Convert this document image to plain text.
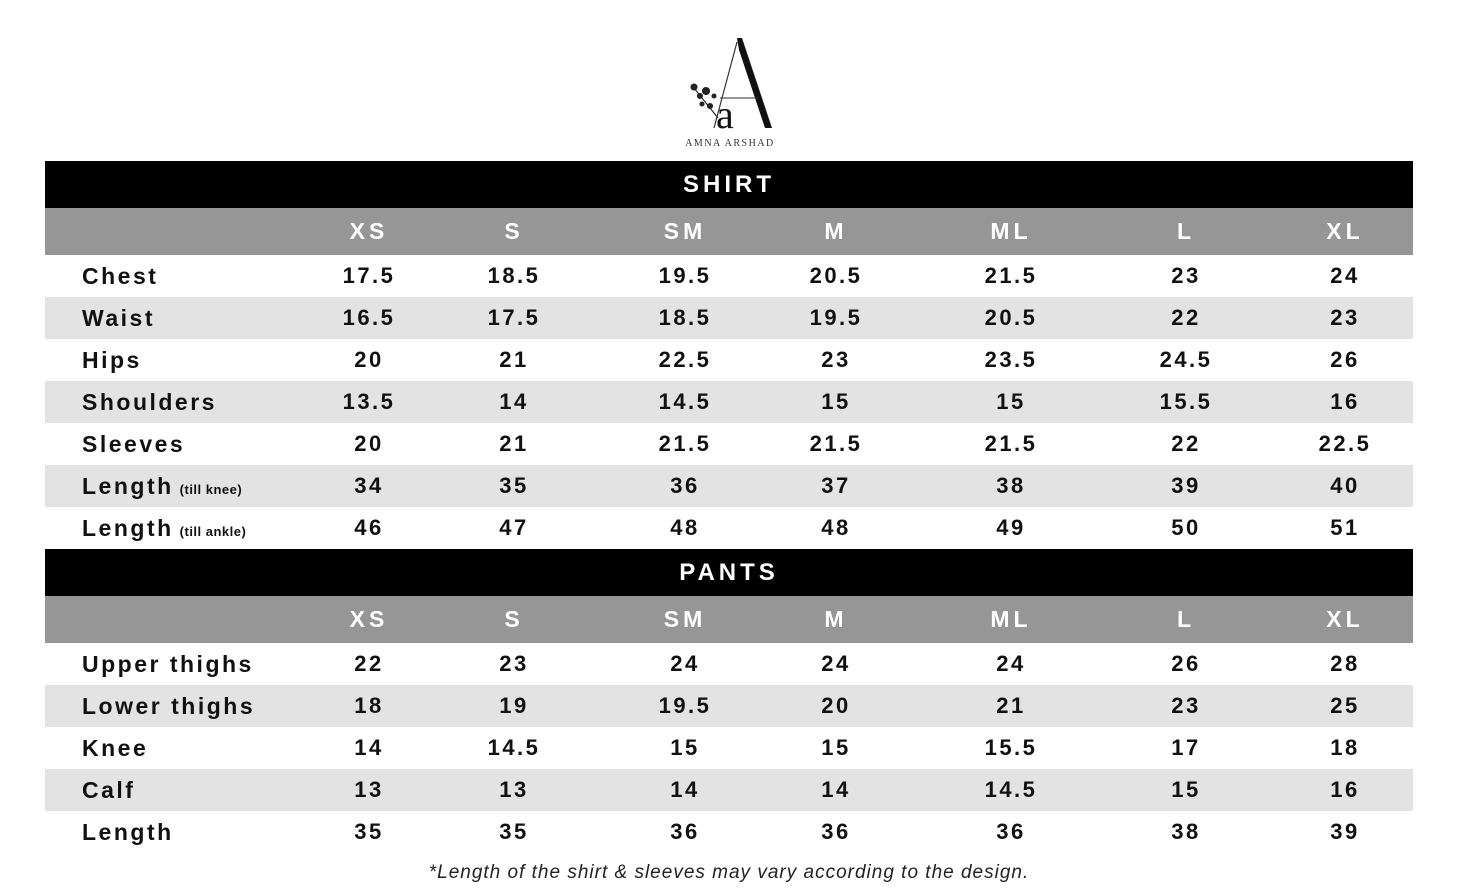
a
AMNA ARSHAD
SHIRT
XS	S	SM	M	ML	L	XL
Chest	17.5	18.5	19.5	20.5	21.5	23	24
Waist	16.5	17.5	18.5	19.5	20.5	22	23
Hips	20	21	22.5	23	23.5	24.5	26
Shoulders	13.5	14	14.5	15	15	15.5	16
Sleeves	20	21	21.5	21.5	21.5	22	22.5
Length (till knee)	34	35	36	37	38	39	40
Length (till ankle)	46	47	48	48	49	50	51
PANTS
XS	S	SM	M	ML	L	XL
Upper thighs	22	23	24	24	24	26	28
Lower thighs	18	19	19.5	20	21	23	25
Knee	14	14.5	15	15	15.5	17	18
Calf	13	13	14	14	14.5	15	16
Length	35	35	36	36	36	38	39
*Length of the shirt & sleeves may vary according to the design.
